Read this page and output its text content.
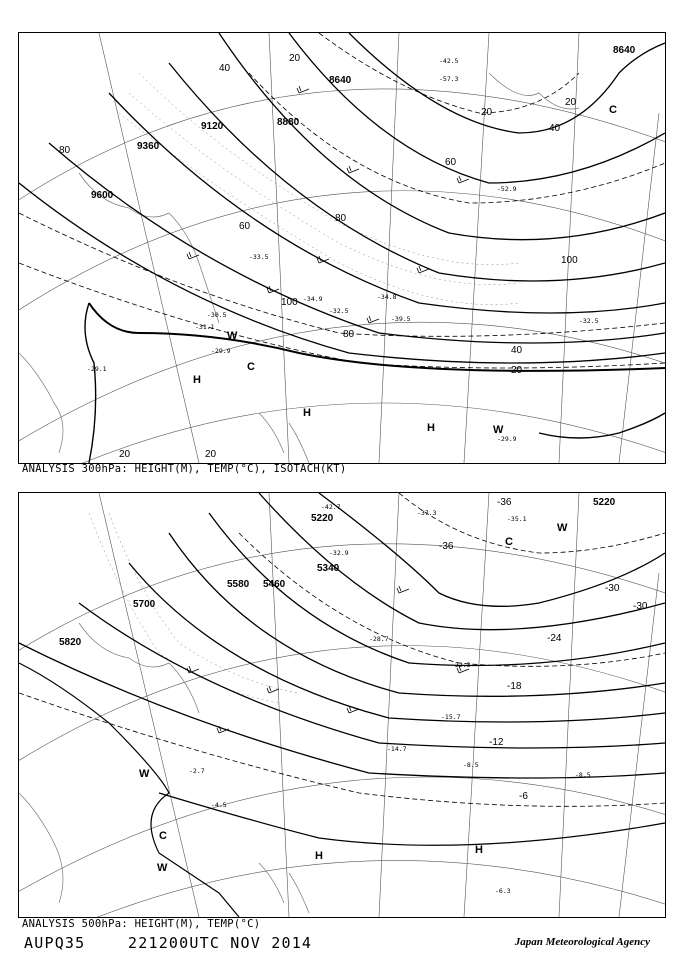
8640
8640
8880
9120
9360
9600
20
40
60
80
100
100
80
40
20
20	20
40
20
20
80
60
H
H
H
C
W
W
C
-29.9
-31.1
-30.5	-32.5
-34.9
-33.5
-39.5
-34.8
-29.9
-29.1
-32.5
-42.5
-57.3
-52.9
ANALYSIS 300hPa: HEIGHT(M), TEMP(°C), ISOTACH(KT)
5220
5220
5340
5460
5580
5700
5820
-36
-36
-30
-30
-24
-18
-12
-6
H	H
C
C
W
W
W
-8.5
-8.5
-6.3
-4.5
-2.7
-14.7
-15.7
-22.3
-28.7
-32.9
-37.3
-42.7
-35.1
ANALYSIS 500hPa: HEIGHT(M), TEMP(°C)
AUPQ35	221200UTC NOV 2014	Japan Meteorological Agency
